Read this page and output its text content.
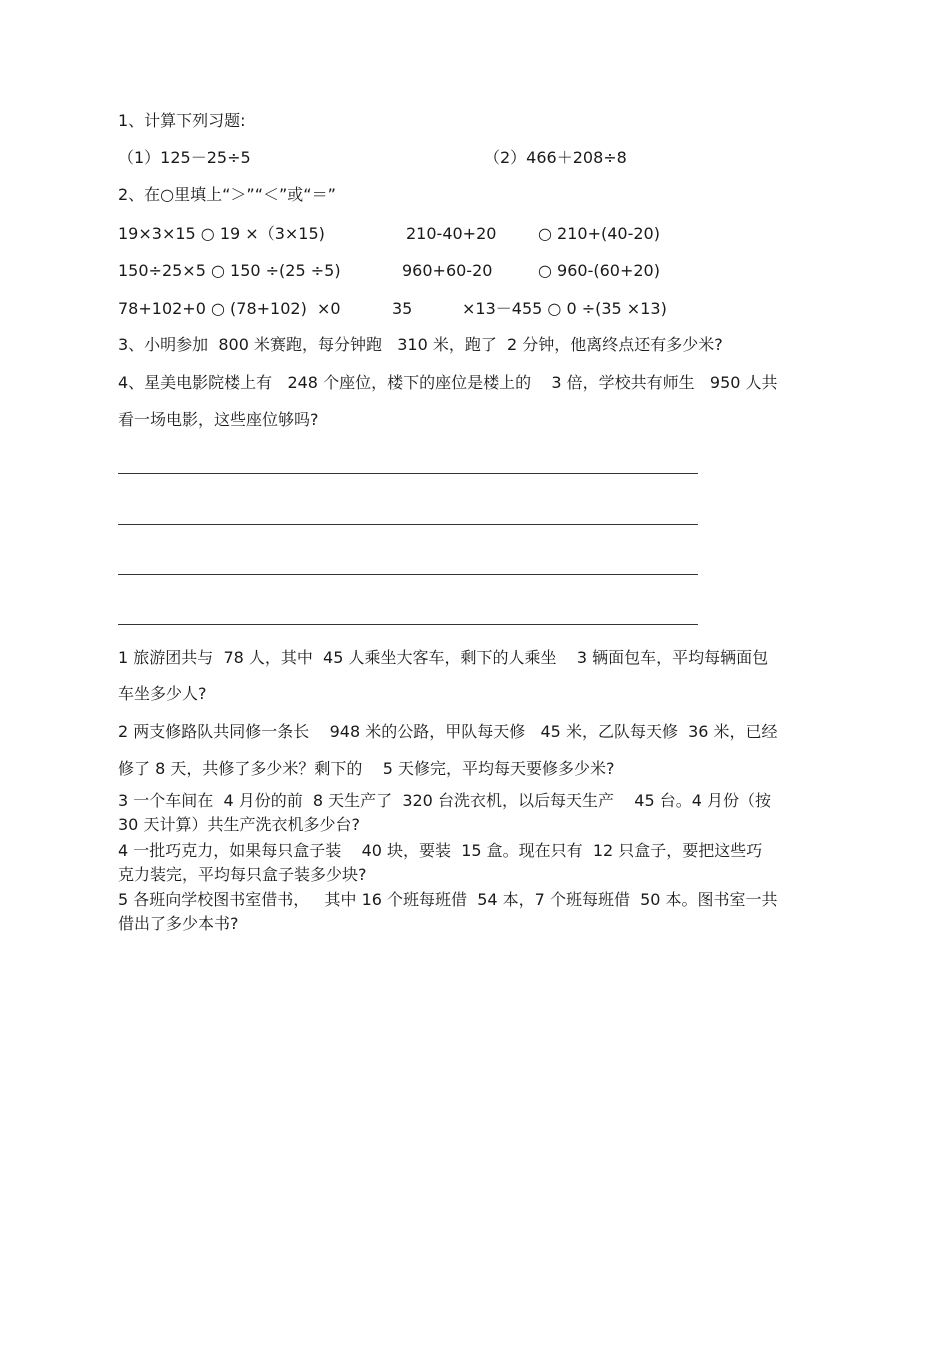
1、计算下列习题:
（1）125－25÷5	（2）466＋208÷8
2、在○里填上“＞”“＜”或“＝”
19×3×15 ○ 19 ×（3×15)	210-40+20	○ 210+(40-20)
150÷25×5 ○ 150 ÷(25 ÷5)	960+60-20	○ 960-(60+20)
78+102+0 ○ (78+102)  ×0	35	×13－455 ○ 0 ÷(35 ×13)
3、小明参加  800 米赛跑，每分钟跑   310 米，跑了  2 分钟，他离终点还有多少米?
4、星美电影院楼上有   248 个座位，楼下的座位是楼上的    3 倍，学校共有师生   950 人共
看一场电影，这些座位够吗?
1 旅游团共与  78 人，其中  45 人乘坐大客车，剩下的人乘坐    3 辆面包车，平均每辆面包
车坐多少人?
2 两支修路队共同修一条长    948 米的公路，甲队每天修   45 米，乙队每天修  36 米，已经
修了 8 天，共修了多少米？剩下的    5 天修完，平均每天要修多少米?
3 一个车间在  4 月份的前  8 天生产了  320 台洗衣机，以后每天生产    45 台。4 月份（按
30 天计算）共生产洗衣机多少台?
4 一批巧克力，如果每只盒子装    40 块，要装  15 盒。现在只有  12 只盒子，要把这些巧
克力装完，平均每只盒子装多少块?
5 各班向学校图书室借书，   其中 16 个班每班借  54 本，7 个班每班借  50 本。图书室一共
借出了多少本书?
